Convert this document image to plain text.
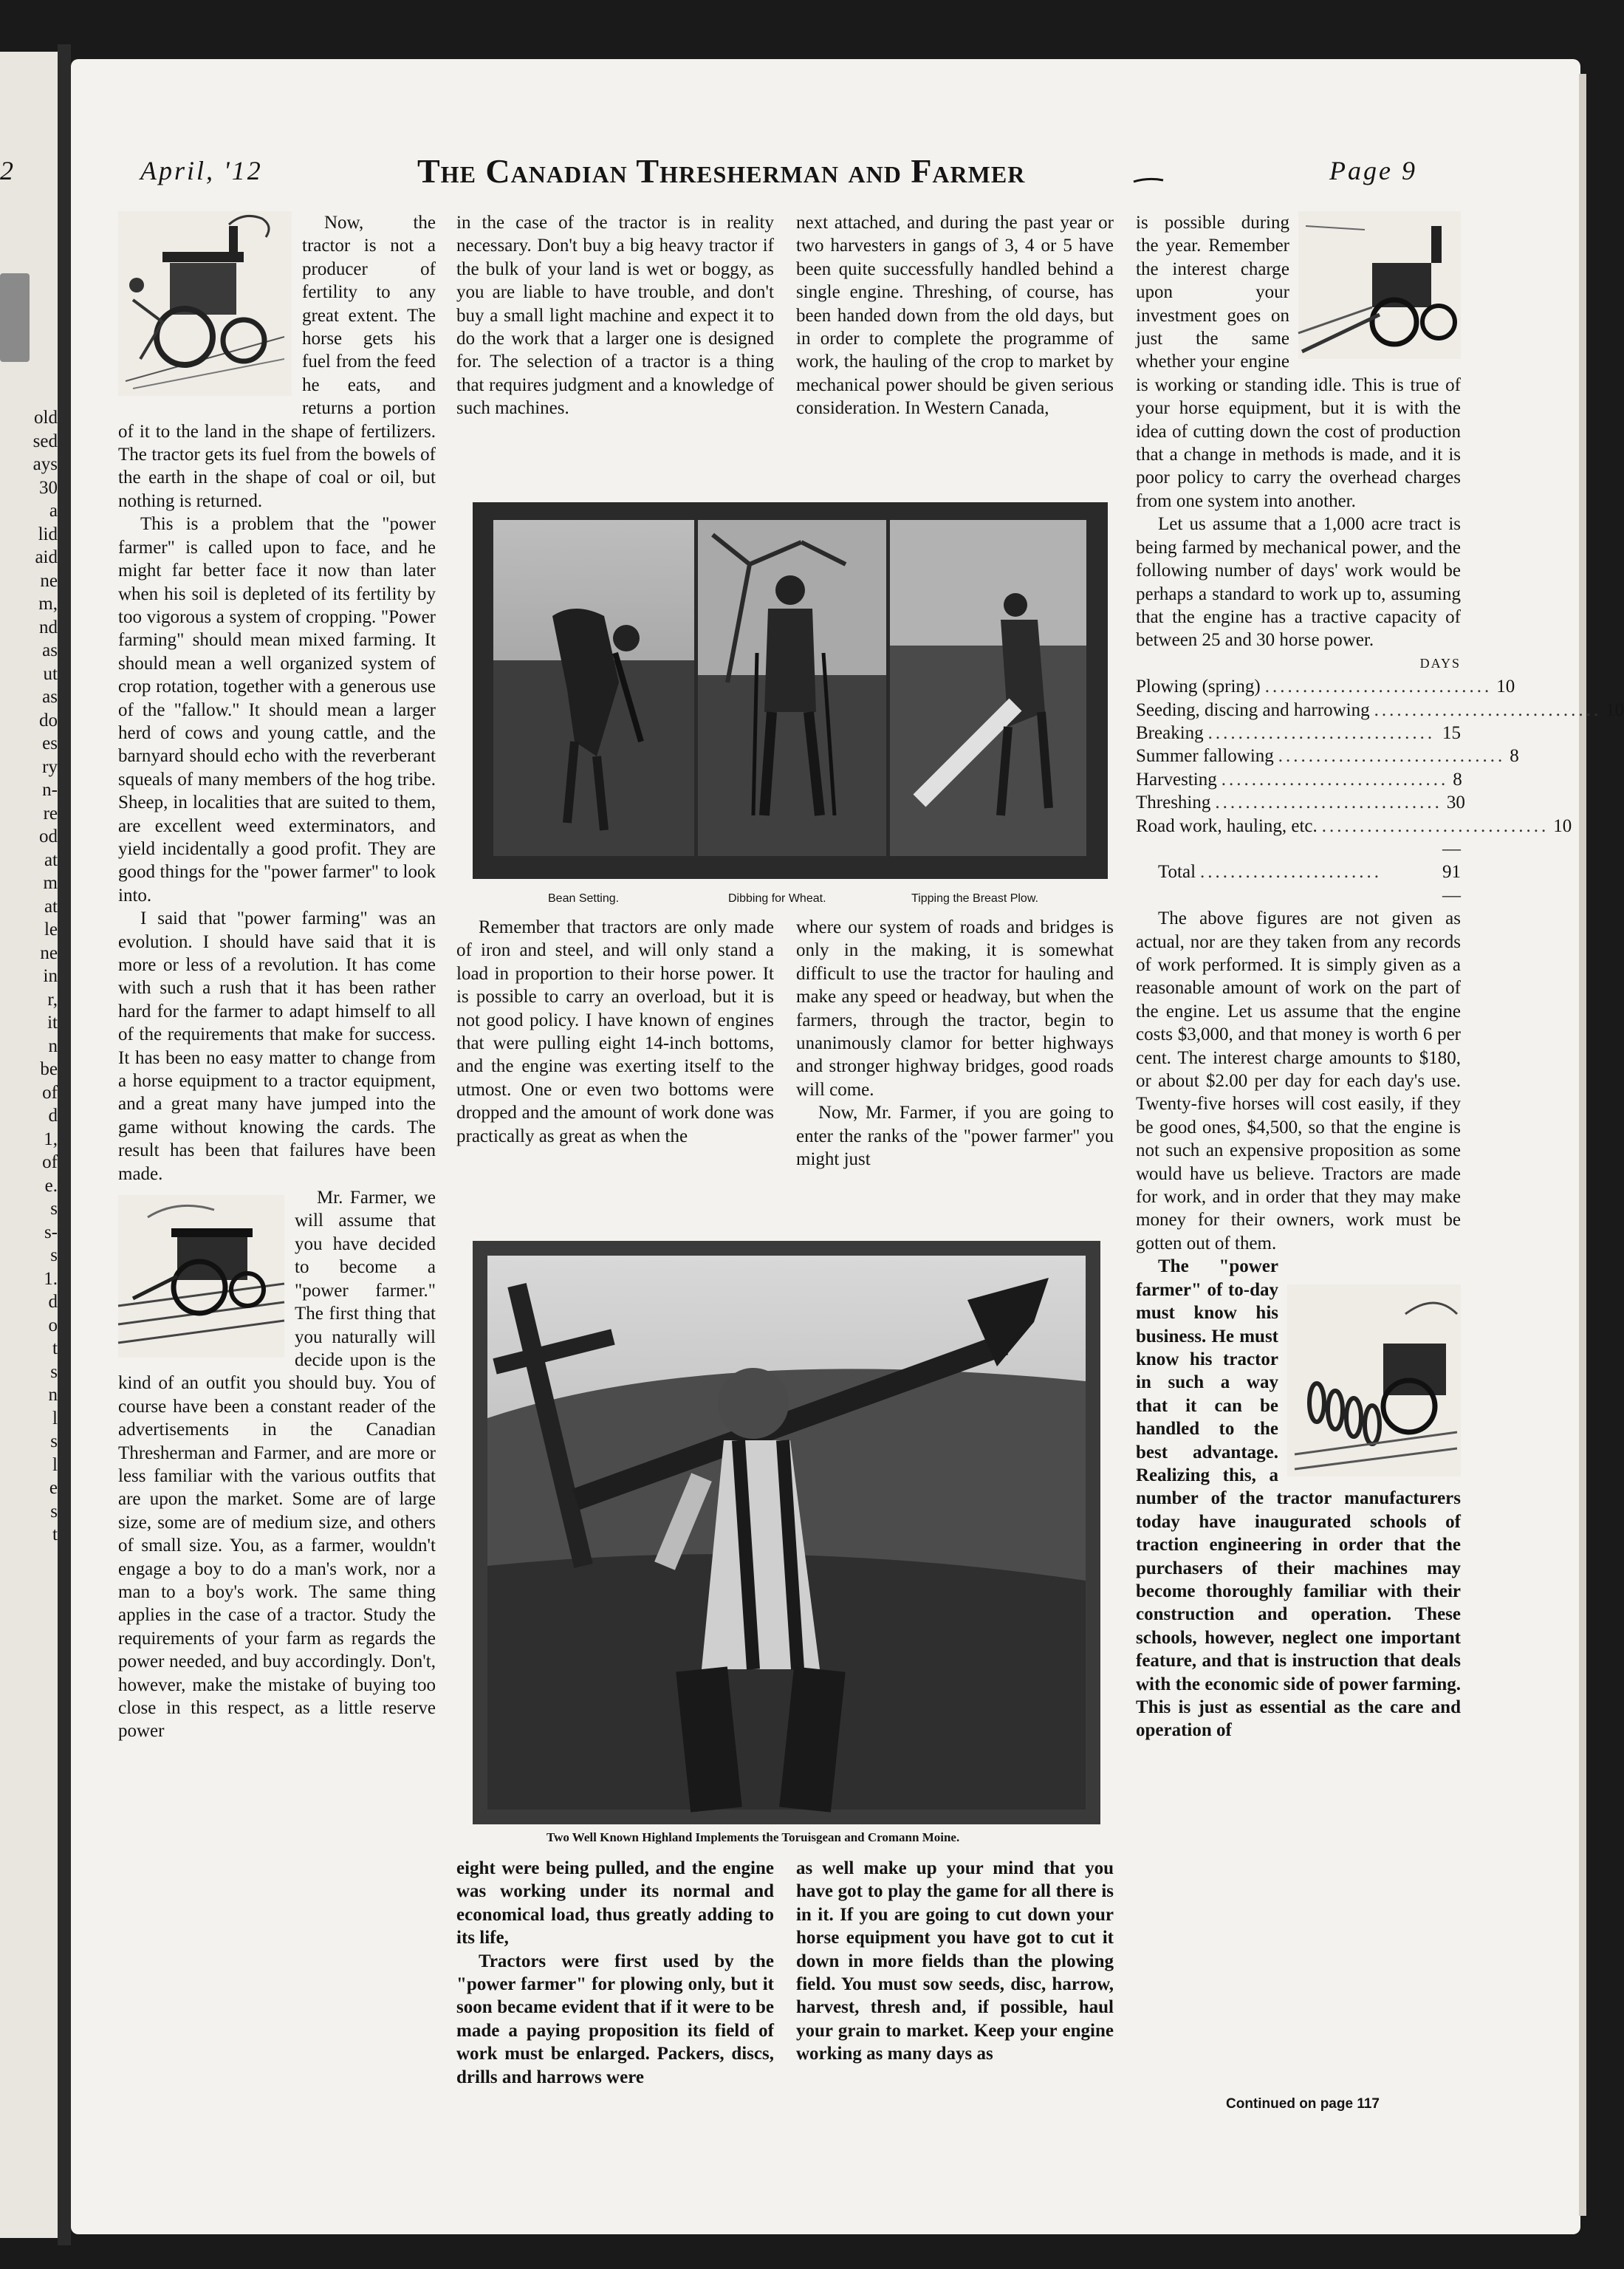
2
old
sed
ays
30
a
lid
aid
ne
m,
nd
as
ut
as
do
es
ry
n-
re
od
at
m
at
le
ne
in
r,
it
n
be
of
d
1,
of
e.
s
s-
s
1.
d
o
t
s
n
l
s
l
e
s
t
April, '12	The Canadian Thresherman and Farmer	Page 9

Now, the tractor is not a producer of fertility to any great extent. The horse gets his fuel from the feed he eats, and returns a portion of it to the land in the shape of fertilizers. The tractor gets its fuel from the bowels of the earth in the shape of coal or oil, but nothing is returned.

This is a problem that the "power farmer" is called upon to face, and he might far better face it now than later when his soil is depleted of its fertility by too vigorous a system of cropping. "Power farming" should mean mixed farming. It should mean a well organized system of crop rotation, together with a generous use of the "fallow." It should mean a larger herd of cows and young cattle, and the barnyard should echo with the reverberant squeals of many members of the hog tribe. Sheep, in localities that are suited to them, are excellent weed exterminators, and yield incidentally a good profit. They are good things for the "power farmer" to look into.

I said that "power farming" was an evolution. I should have said that it is more or less of a revolution. It has come with such a rush that it has been rather hard for the farmer to adapt himself to all of the requirements that make for success. It has been no easy matter to change from a horse equipment to a tractor equipment, and a great many have jumped into the game without knowing the cards. The result has been that failures have been made.

Mr. Farmer, we will assume that you have decided to become a "power farmer." The first thing that you naturally will decide upon is the kind of an outfit you should buy. You of course have been a constant reader of the advertisements in the Canadian Thresherman and Farmer, and are more or less familiar with the various outfits that are upon the market. Some are of large size, some are of medium size, and others of small size. You, as a farmer, wouldn't engage a boy to do a man's work, nor a man to a boy's work. The same thing applies in the case of a tractor. Study the requirements of your farm as regards the power needed, and buy accordingly. Don't, however, make the mistake of buying too close in this respect, as a little reserve power

in the case of the tractor is in reality necessary. Don't buy a big heavy tractor if the bulk of your land is wet or boggy, as you are liable to have trouble, and don't buy a small light machine and expect it to do the work that a larger one is designed for. The selection of a tractor is a thing that requires judgment and a knowledge of such machines.

next attached, and during the past year or two harvesters in gangs of 3, 4 or 5 have been quite successfully handled behind a single engine. Threshing, of course, has been handed down from the old days, but in order to complete the programme of work, the hauling of the crop to market by mechanical power should be given serious consideration. In Western Canada,

is possible during the year. Remember the interest charge upon your investment goes on just the same whether your engine is working or standing idle. This is true of your horse equipment, but it is with the idea of cutting down the cost of production that a change in methods is made, and it is poor policy to carry the overhead charges from one system into another.

Let us assume that a 1,000 acre tract is being farmed by mechanical power, and the following number of days' work would be perhaps a standard to work up to, assuming that the engine has a tractive capacity of between 25 and 30 horse power.

DAYS
Plowing (spring) .............................. 10
Seeding, discing and harrowing .............................. 10
Breaking .............................. 15
Summer fallowing .............................. 8
Harvesting .............................. 8
Threshing .............................. 30
Road work, hauling, etc. .............................. 10
—
Total ........................	91
—

The above figures are not given as actual, nor are they taken from any records of work performed. It is simply given as a reasonable amount of work on the part of the engine. Let us assume that the engine costs $3,000, and that money is worth 6 per cent. The interest charge amounts to $180, or about $2.00 per day for each day's use. Twenty-five horses will cost easily, if they be good ones, $4,500, so that the engine is not such an expensive proposition as some would have us believe. Tractors are made for work, and in order that they may make money for their owners, work must be gotten out of them.

The "power farmer" of to-day must know his business. He must know his tractor in such a way that it can be handled to the best advantage. Realizing this, a number of the tractor manufacturers today have inaugurated schools of traction engineering in order that the purchasers of their machines may become thoroughly familiar with their construction and operation. These schools, however, neglect one important feature, and that is instruction that deals with the economic side of power farming. This is just as essential as the care and operation of

Bean Setting.	Dibbing for Wheat.	Tipping the Breast Plow.

Remember that tractors are only made of iron and steel, and will only stand a load in proportion to their horse power. It is possible to carry an overload, but it is not good policy. I have known of engines that were pulling eight 14-inch bottoms, and the engine was exerting itself to the utmost. One or even two bottoms were dropped and the amount of work done was practically as great as when the

where our system of roads and bridges is only in the making, it is somewhat difficult to use the tractor for hauling and make any speed or headway, but when the farmers, through the tractor, begin to unanimously clamor for better highways and stronger highway bridges, good roads will come.

Now, Mr. Farmer, if you are going to enter the ranks of the "power farmer" you might just

Two Well Known Highland Implements the Toruisgean and Cromann Moine.

eight were being pulled, and the engine was working under its normal and economical load, thus greatly adding to its life,

Tractors were first used by the "power farmer" for plowing only, but it soon became evident that if it were to be made a paying proposition its field of work must be enlarged. Packers, discs, drills and harrows were

as well make up your mind that you have got to play the game for all there is in it. If you are going to cut down your horse equipment you have got to cut it down in more fields than the plowing field. You must sow seeds, disc, harrow, harvest, thresh and, if possible, haul your grain to market. Keep your engine working as many days as

Continued on page 117
